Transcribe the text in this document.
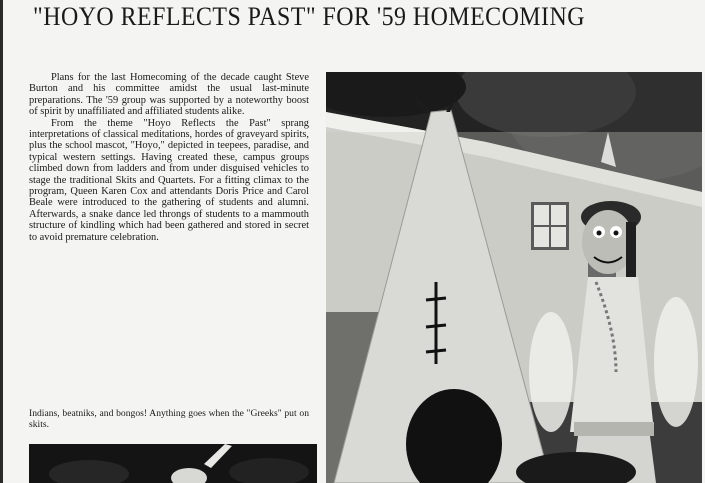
"HOYO REFLECTS PAST" FOR '59 HOMECOMING

Plans for the last Homecoming of the decade caught Steve Burton and his committee amidst the usual last-minute preparations. The '59 group was supported by a noteworthy boost of spirit by unaffiliated and affiliated students alike.

From the theme "Hoyo Reflects the Past" sprang interpretations of classical meditations, hordes of graveyard spirits, plus the school mascot, "Hoyo," depicted in teepees, paradise, and typical western settings. Having created these, campus groups climbed down from ladders and from under disguised vehicles to stage the traditional Skits and Quartets. For a fitting climax to the program, Queen Karen Cox and attendants Doris Price and Carol Beale were introduced to the gathering of students and alumni. Afterwards, a snake dance led throngs of students to a mammouth structure of kindling which had been gathered and stored in secret to avoid premature celebration.

Indians, beatniks, and bongos! Anything goes when the "Greeks" put on skits.
